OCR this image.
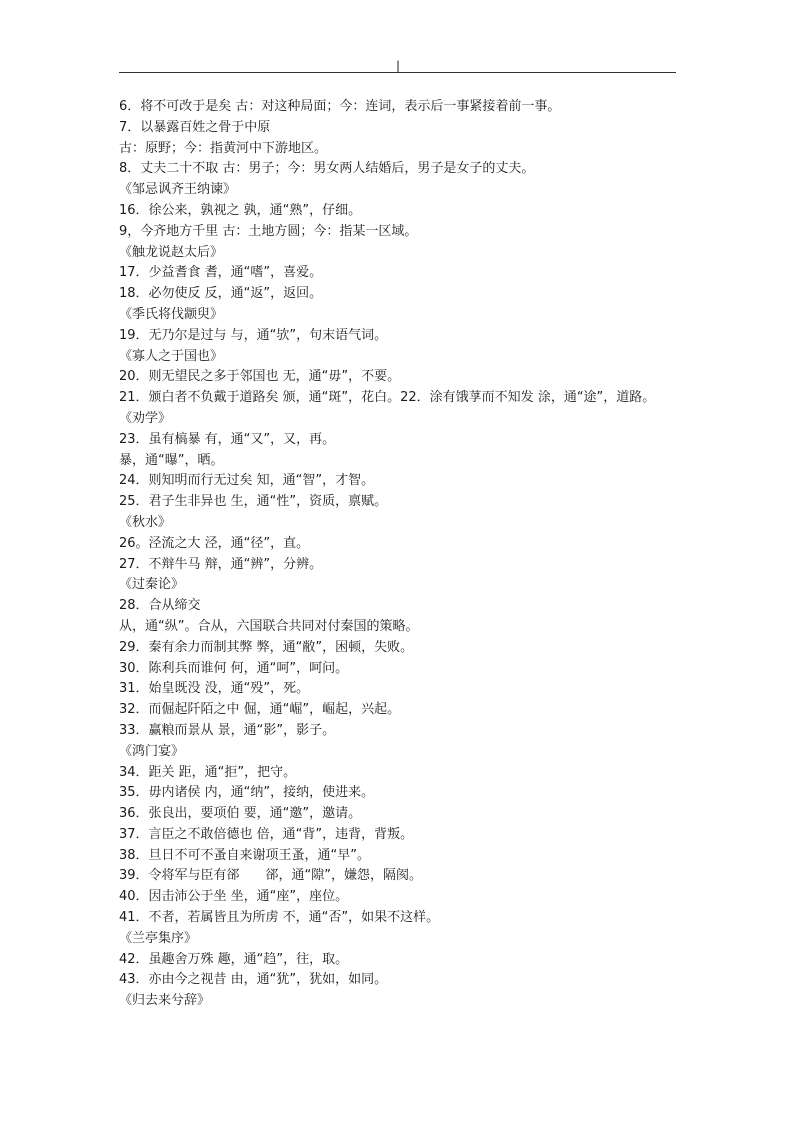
|
6．将不可改于是矣 古：对这种局面；今：连词，表示后一事紧接着前一事。
7．以暴露百姓之骨于中原
古：原野；今：指黄河中下游地区。
8．丈夫二十不取 古：男子；今：男女两人结婚后，男子是女子的丈夫。
《邹忌讽齐王纳谏》
16．徐公来，孰视之 孰，通“熟”，仔细。
9，今齐地方千里 古：土地方圆；今：指某一区域。
《触龙说赵太后》
17．少益耆食 耆，通“嗜”，喜爱。
18．必勿使反 反，通“返”，返回。
《季氏将伐颛臾》
19．无乃尔是过与 与，通“欤”，句末语气词。
《寡人之于国也》
20．则无望民之多于邻国也 无，通“毋”，不要。
21．颁白者不负戴于道路矣 颁，通“斑”，花白。22．涂有饿莩而不知发 涂，通“途”，道路。
《劝学》
23．虽有槁暴 有，通“又”，又，再。
暴，通“曝”，晒。
24．则知明而行无过矣 知，通“智”，才智。
25．君子生非异也 生，通“性”，资质，禀赋。
《秋水》
26。泾流之大 泾，通“径”，直。
27．不辩牛马 辩，通“辨”，分辨。
《过秦论》
28．合从缔交
从，通“纵”。合从，六国联合共同对付秦国的策略。
29．秦有余力而制其弊 弊，通“敝”，困顿，失败。
30．陈利兵而谁何 何，通“呵”，呵问。
31．始皇既没 没，通“殁”，死。
32．而倔起阡陌之中 倔，通“崛”，崛起，兴起。
33．赢粮而景从 景，通“影”，影子。
《鸿门宴》
34．距关 距，通“拒”，把守。
35．毋内诸侯 内，通“纳”，接纳，使进来。
36．张良出，要项伯 要，通“邀”，邀请。
37．言臣之不敢倍德也 倍，通“背”，违背，背叛。
38．旦日不可不蚤自来谢项王蚤，通“早”。
39．令将军与臣有郤　　郤，通“隙”，嫌怨，隔阂。
40．因击沛公于坐 坐，通“座”，座位。
41．不者，若属皆且为所虏 不，通“否”，如果不这样。
《兰亭集序》
42．虽趣舍万殊 趣，通“趋”，往，取。
43．亦由今之视昔 由，通“犹”，犹如，如同。
《归去来兮辞》
